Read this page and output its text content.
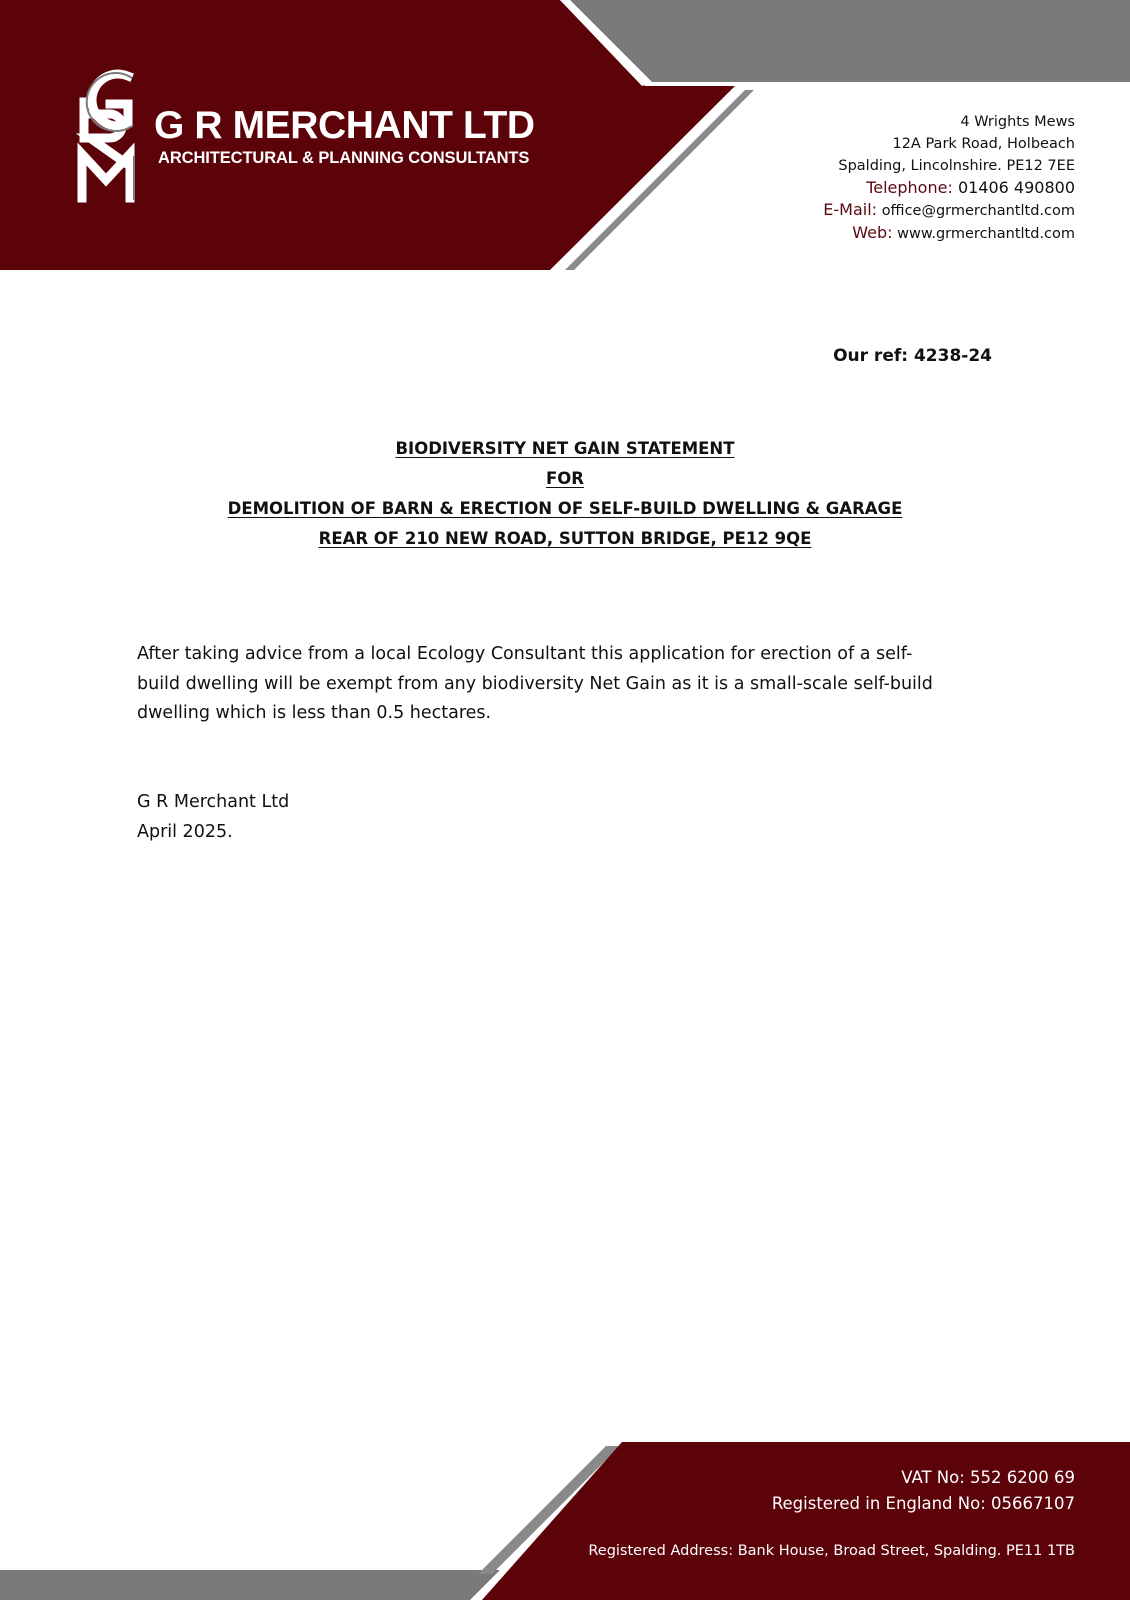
G R MERCHANT LTD
ARCHITECTURAL & PLANNING CONSULTANTS
4 Wrights Mews
12A Park Road, Holbeach
Spalding, Lincolnshire. PE12 7EE
Telephone: 01406 490800
E-Mail: office@grmerchantltd.com
Web: www.grmerchantltd.com
Our ref: 4238-24
BIODIVERSITY NET GAIN STATEMENT
FOR
DEMOLITION OF BARN & ERECTION OF SELF-BUILD DWELLING & GARAGE
REAR OF 210 NEW ROAD, SUTTON BRIDGE, PE12 9QE
After taking advice from a local Ecology Consultant this application for erection of a self-
build dwelling will be exempt from any biodiversity Net Gain as it is a small-scale self-build
dwelling which is less than 0.5 hectares.
G R Merchant Ltd
April 2025.
VAT No: 552 6200 69
Registered in England No: 05667107
Registered Address: Bank House, Broad Street, Spalding. PE11 1TB
